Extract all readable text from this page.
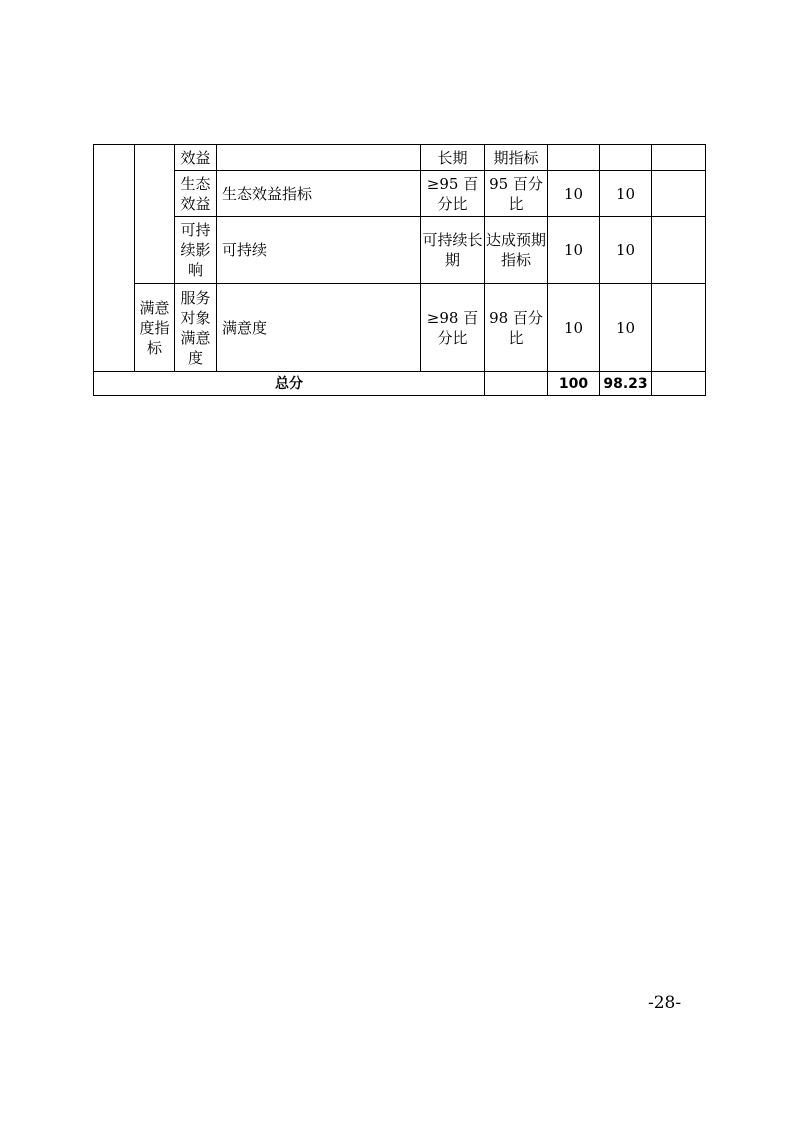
		效益		长期	期指标			
		生态效益	生态效益指标	≥95 百分比	95 百分比	10	10	
		可持续影响	可持续	可持续长期	达成预期指标	10	10	
	满意度指标	服务对象满意度	满意度	≥98 百分比	98 百分比	10	10	
总分						100	98.23	
-28-
